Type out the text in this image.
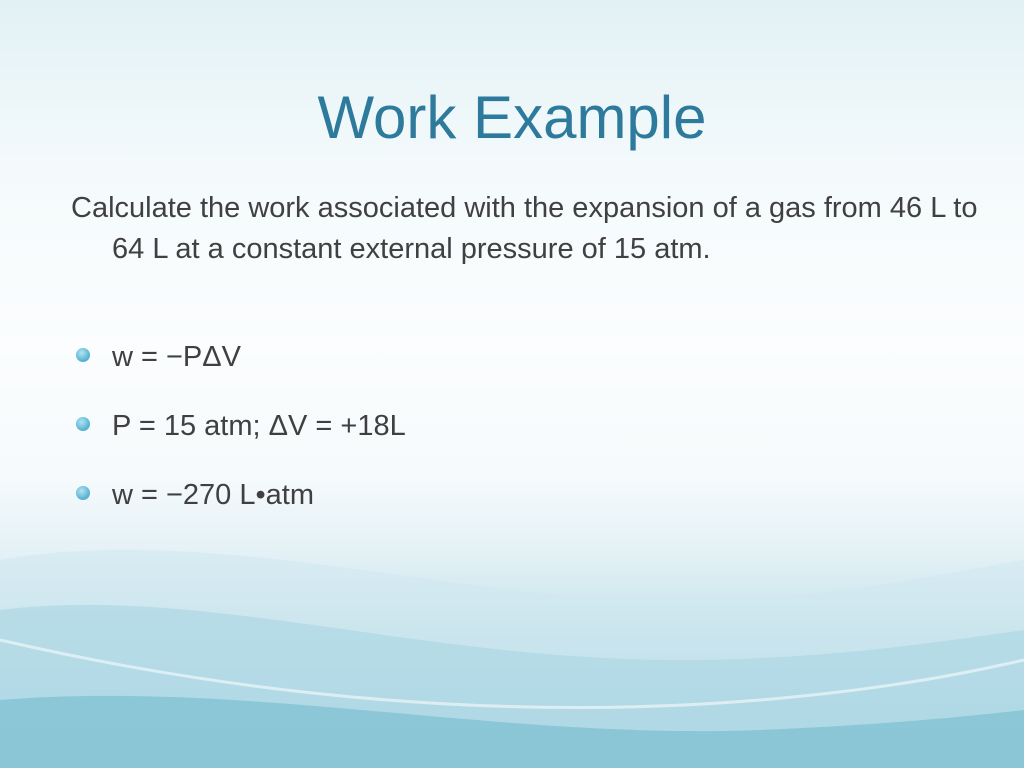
Work Example
Calculate the work associated with the expansion of a gas from 46 L to 64 L at a constant external pressure of 15 atm.
w = −PΔV
P = 15 atm; ΔV = +18L
w = −270 L•atm
